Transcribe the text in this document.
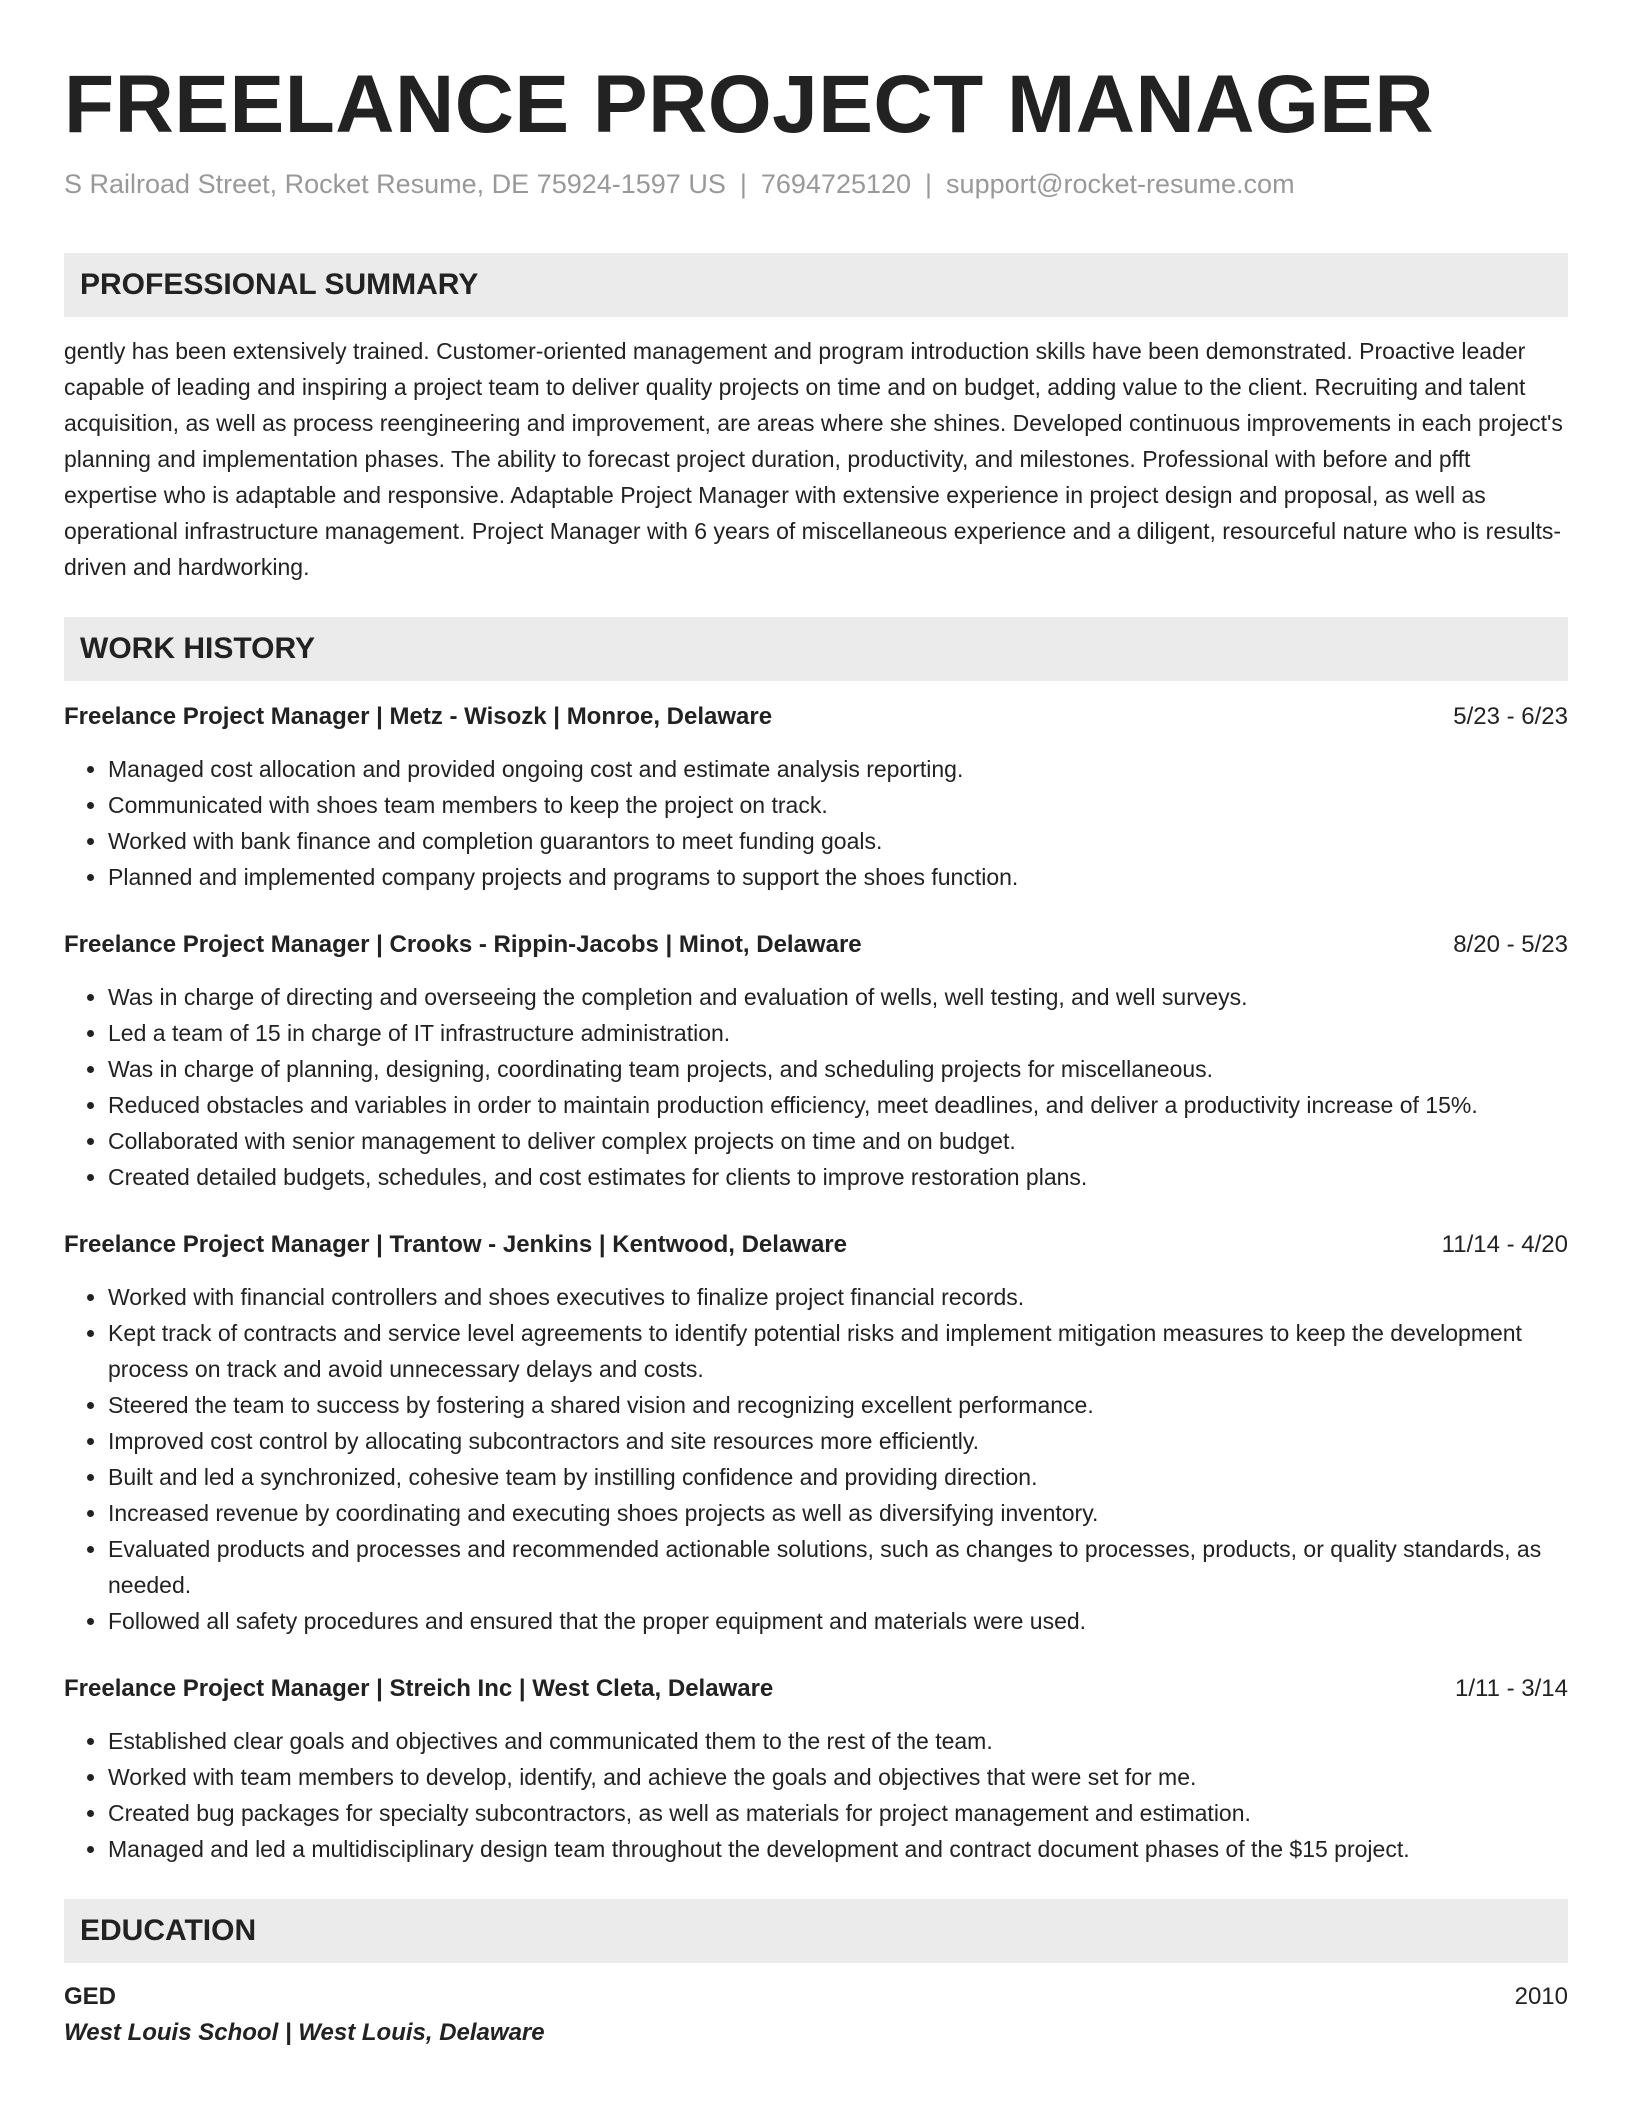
FREELANCE PROJECT MANAGER
S Railroad Street, Rocket Resume, DE 75924-1597 US | 7694725120 | support@rocket-resume.com
PROFESSIONAL SUMMARY

gently has been extensively trained. Customer-oriented management and program introduction skills have been demonstrated. Proactive leader capable of leading and inspiring a project team to deliver quality projects on time and on budget, adding value to the client. Recruiting and talent acquisition, as well as process reengineering and improvement, are areas where she shines. Developed continuous improvements in each project's planning and implementation phases. The ability to forecast project duration, productivity, and milestones. Professional with before and pfft expertise who is adaptable and responsive. Adaptable Project Manager with extensive experience in project design and proposal, as well as operational infrastructure management. Project Manager with 6 years of miscellaneous experience and a diligent, resourceful nature who is results-driven and hardworking.

WORK HISTORY
Freelance Project Manager | Metz - Wisozk | Monroe, Delaware	5/23 - 6/23
• Managed cost allocation and provided ongoing cost and estimate analysis reporting.
• Communicated with shoes team members to keep the project on track.
• Worked with bank finance and completion guarantors to meet funding goals.
• Planned and implemented company projects and programs to support the shoes function.
Freelance Project Manager | Crooks - Rippin-Jacobs | Minot, Delaware	8/20 - 5/23
• Was in charge of directing and overseeing the completion and evaluation of wells, well testing, and well surveys.
• Led a team of 15 in charge of IT infrastructure administration.
• Was in charge of planning, designing, coordinating team projects, and scheduling projects for miscellaneous.
• Reduced obstacles and variables in order to maintain production efficiency, meet deadlines, and deliver a productivity increase of 15%.
• Collaborated with senior management to deliver complex projects on time and on budget.
• Created detailed budgets, schedules, and cost estimates for clients to improve restoration plans.
Freelance Project Manager | Trantow - Jenkins | Kentwood, Delaware	11/14 - 4/20
• Worked with financial controllers and shoes executives to finalize project financial records.
• Kept track of contracts and service level agreements to identify potential risks and implement mitigation measures to keep the development process on track and avoid unnecessary delays and costs.
• Steered the team to success by fostering a shared vision and recognizing excellent performance.
• Improved cost control by allocating subcontractors and site resources more efficiently.
• Built and led a synchronized, cohesive team by instilling confidence and providing direction.
• Increased revenue by coordinating and executing shoes projects as well as diversifying inventory.
• Evaluated products and processes and recommended actionable solutions, such as changes to processes, products, or quality standards, as needed.
• Followed all safety procedures and ensured that the proper equipment and materials were used.
Freelance Project Manager | Streich Inc | West Cleta, Delaware	1/11 - 3/14
• Established clear goals and objectives and communicated them to the rest of the team.
• Worked with team members to develop, identify, and achieve the goals and objectives that were set for me.
• Created bug packages for specialty subcontractors, as well as materials for project management and estimation.
• Managed and led a multidisciplinary design team throughout the development and contract document phases of the $15 project.
EDUCATION
GED	2010
West Louis School | West Louis, Delaware
